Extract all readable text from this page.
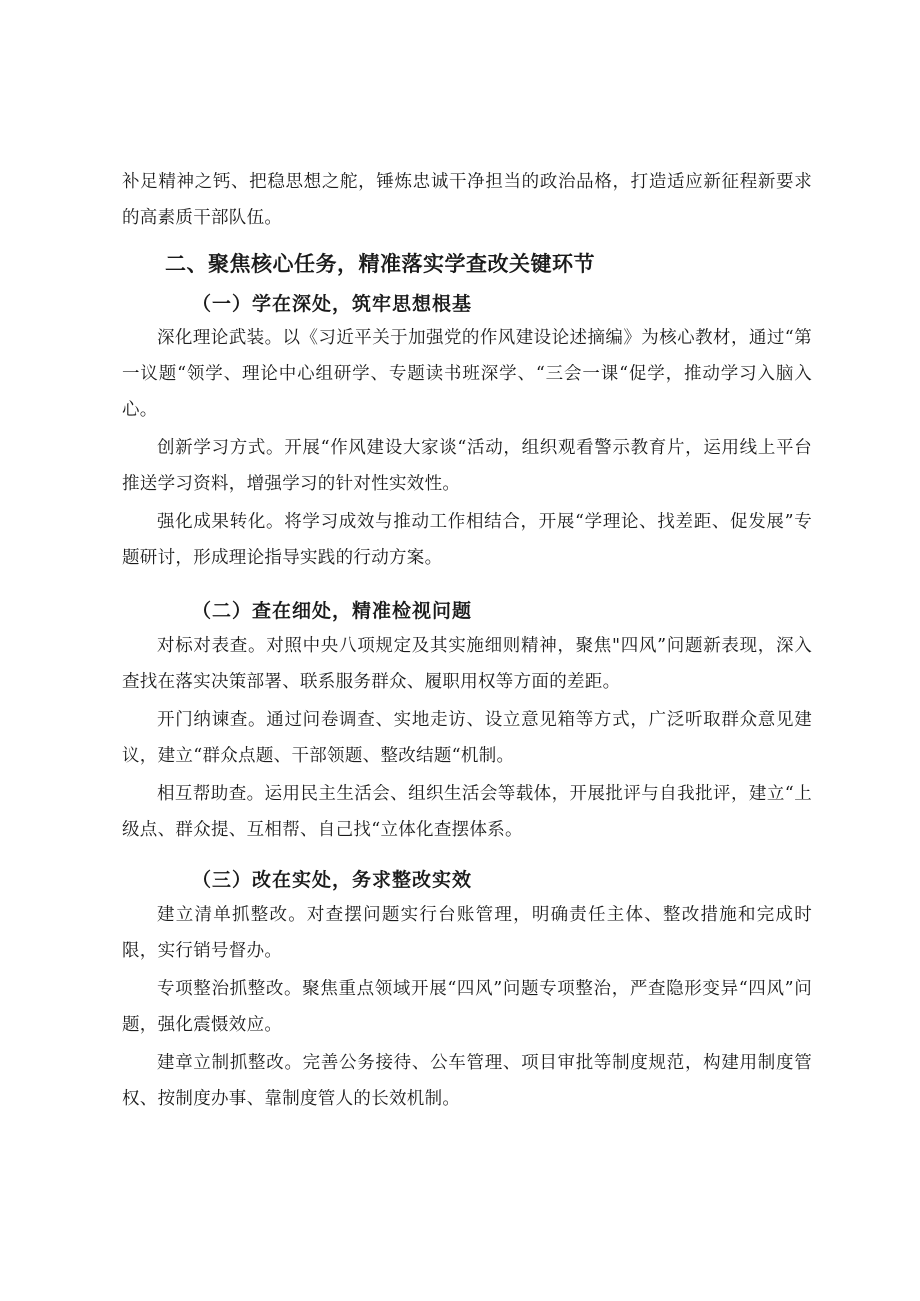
补足精神之钙、把稳思想之舵，锤炼忠诚干净担当的政治品格，打造适应新征程新要求的高素质干部队伍。

二、聚焦核心任务，精准落实学查改关键环节
（一）学在深处，筑牢思想根基

深化理论武装。以《习近平关于加强党的作风建设论述摘编》为核心教材，通过“第一议题“领学、理论中心组研学、专题读书班深学、“三会一课“促学，推动学习入脑入心。

创新学习方式。开展“作风建设大家谈“活动，组织观看警示教育片，运用线上平台推送学习资料，增强学习的针对性实效性。

强化成果转化。将学习成效与推动工作相结合，开展“学理论、找差距、促发展”专题研讨，形成理论指导实践的行动方案。

（二）查在细处，精准检视问题

对标对表查。对照中央八项规定及其实施细则精神，聚焦"四风”问题新表现，深入查找在落实决策部署、联系服务群众、履职用权等方面的差距。

开门纳谏查。通过问卷调查、实地走访、设立意见箱等方式，广泛听取群众意见建议，建立“群众点题、干部领题、整改结题“机制。

相互帮助查。运用民主生活会、组织生活会等载体，开展批评与自我批评，建立“上级点、群众提、互相帮、自己找“立体化查摆体系。

（三）改在实处，务求整改实效

建立清单抓整改。对查摆问题实行台账管理，明确责任主体、整改措施和完成时限，实行销号督办。

专项整治抓整改。聚焦重点领域开展“四风”问题专项整治，严查隐形变异“四风”问题，强化震慑效应。

建章立制抓整改。完善公务接待、公车管理、项目审批等制度规范，构建用制度管权、按制度办事、靠制度管人的长效机制。
